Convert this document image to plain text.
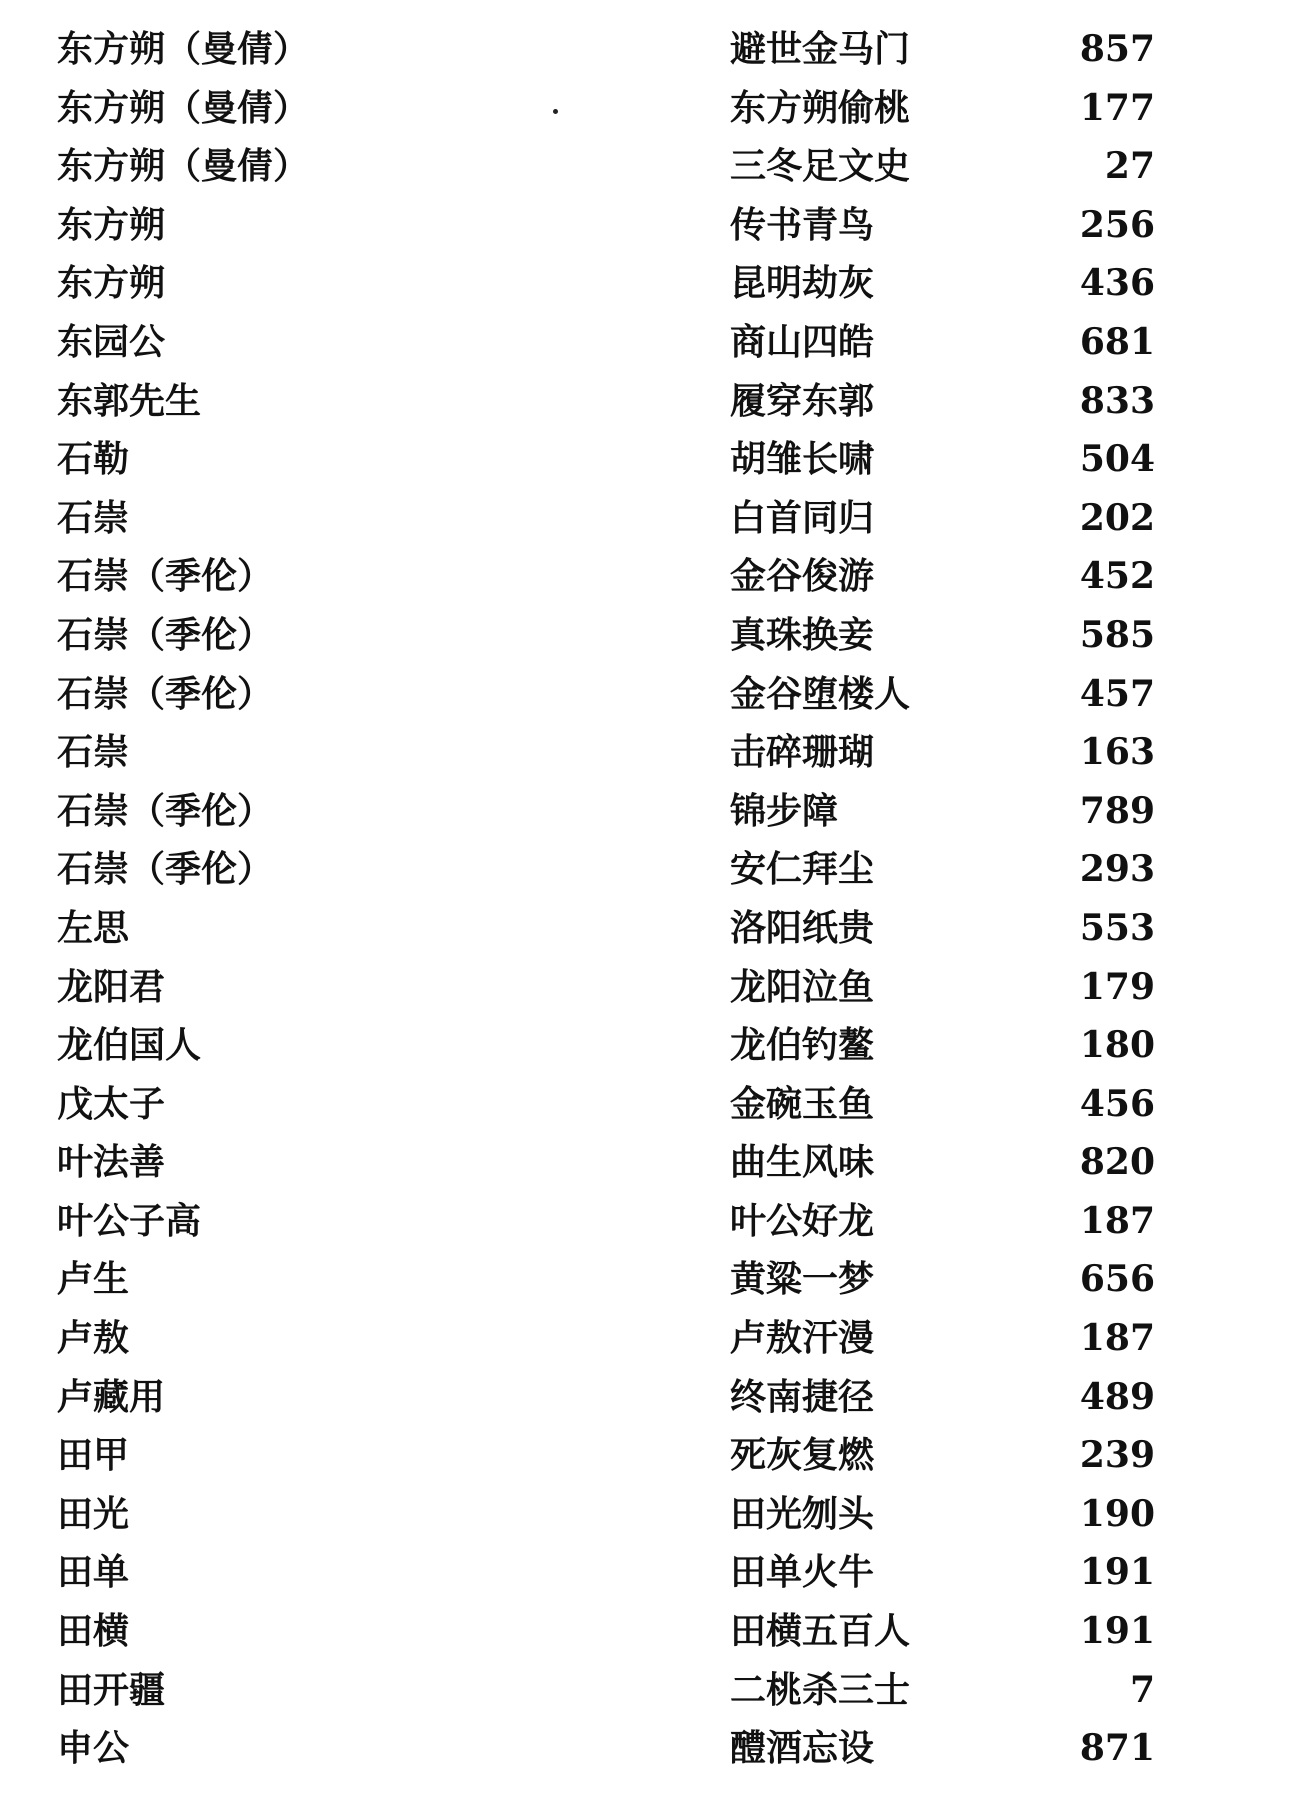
东方朔（曼倩）	避世金马门	857
东方朔（曼倩）	东方朔偷桃	177
东方朔（曼倩）	三冬足文史	27
东方朔	传书青鸟	256
东方朔	昆明劫灰	436
东园公	商山四皓	681
东郭先生	履穿东郭	833
石勒	胡雏长啸	504
石崇	白首同归	202
石崇（季伦）	金谷俊游	452
石崇（季伦）	真珠换妾	585
石崇（季伦）	金谷堕楼人	457
石崇	击碎珊瑚	163
石崇（季伦）	锦步障	789
石崇（季伦）	安仁拜尘	293
左思	洛阳纸贵	553
龙阳君	龙阳泣鱼	179
龙伯国人	龙伯钓鳌	180
戊太子	金碗玉鱼	456
叶法善	曲生风味	820
叶公子高	叶公好龙	187
卢生	黄粱一梦	656
卢敖	卢敖汗漫	187
卢藏用	终南捷径	489
田甲	死灰复燃	239
田光	田光刎头	190
田单	田单火牛	191
田横	田横五百人	191
田开疆	二桃杀三士	7
申公	醴酒忘设	871
